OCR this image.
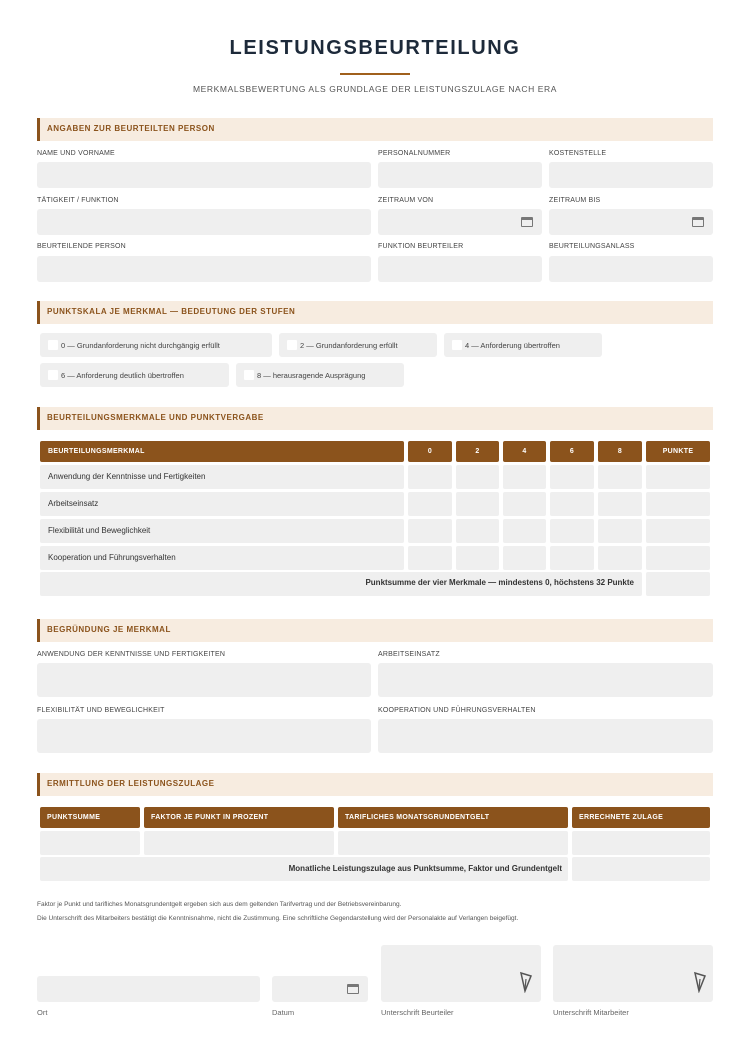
LEISTUNGSBEURTEILUNG
MERKMALSBEWERTUNG ALS GRUNDLAGE DER LEISTUNGSZULAGE NACH ERA
ANGABEN ZUR BEURTEILTEN PERSON
NAME UND VORNAME	PERSONALNUMMER	KOSTENSTELLE
TÄTIGKEIT / FUNKTION	ZEITRAUM VON	ZEITRAUM BIS
BEURTEILENDE PERSON	FUNKTION BEURTEILER	BEURTEILUNGSANLASS
PUNKTSKALA JE MERKMAL — BEDEUTUNG DER STUFEN
0 — Grundanforderung nicht durchgängig erfüllt	2 — Grundanforderung erfüllt	4 — Anforderung übertroffen
6 — Anforderung deutlich übertroffen	8 — herausragende Ausprägung
BEURTEILUNGSMERKMALE UND PUNKTVERGABE
BEURTEILUNGSMERKMAL	0	2	4	6	8	PUNKTE
Anwendung der Kenntnisse und Fertigkeiten
Arbeitseinsatz
Flexibilität und Beweglichkeit
Kooperation und Führungsverhalten
Punktsumme der vier Merkmale — mindestens 0, höchstens 32 Punkte
BEGRÜNDUNG JE MERKMAL
ANWENDUNG DER KENNTNISSE UND FERTIGKEITEN	ARBEITSEINSATZ
FLEXIBILITÄT UND BEWEGLICHKEIT	KOOPERATION UND FÜHRUNGSVERHALTEN
ERMITTLUNG DER LEISTUNGSZULAGE
PUNKTSUMME	FAKTOR JE PUNKT IN PROZENT	TARIFLICHES MONATSGRUNDENTGELT	ERRECHNETE ZULAGE
Monatliche Leistungszulage aus Punktsumme, Faktor und Grundentgelt
Faktor je Punkt und tarifliches Monatsgrundentgelt ergeben sich aus dem geltenden Tarifvertrag und der Betriebsvereinbarung.
Die Unterschrift des Mitarbeiters bestätigt die Kenntnisnahme, nicht die Zustimmung. Eine schriftliche Gegendarstellung wird der Personalakte auf Verlangen beigefügt.
Ort	Datum	Unterschrift Beurteiler	Unterschrift Mitarbeiter
